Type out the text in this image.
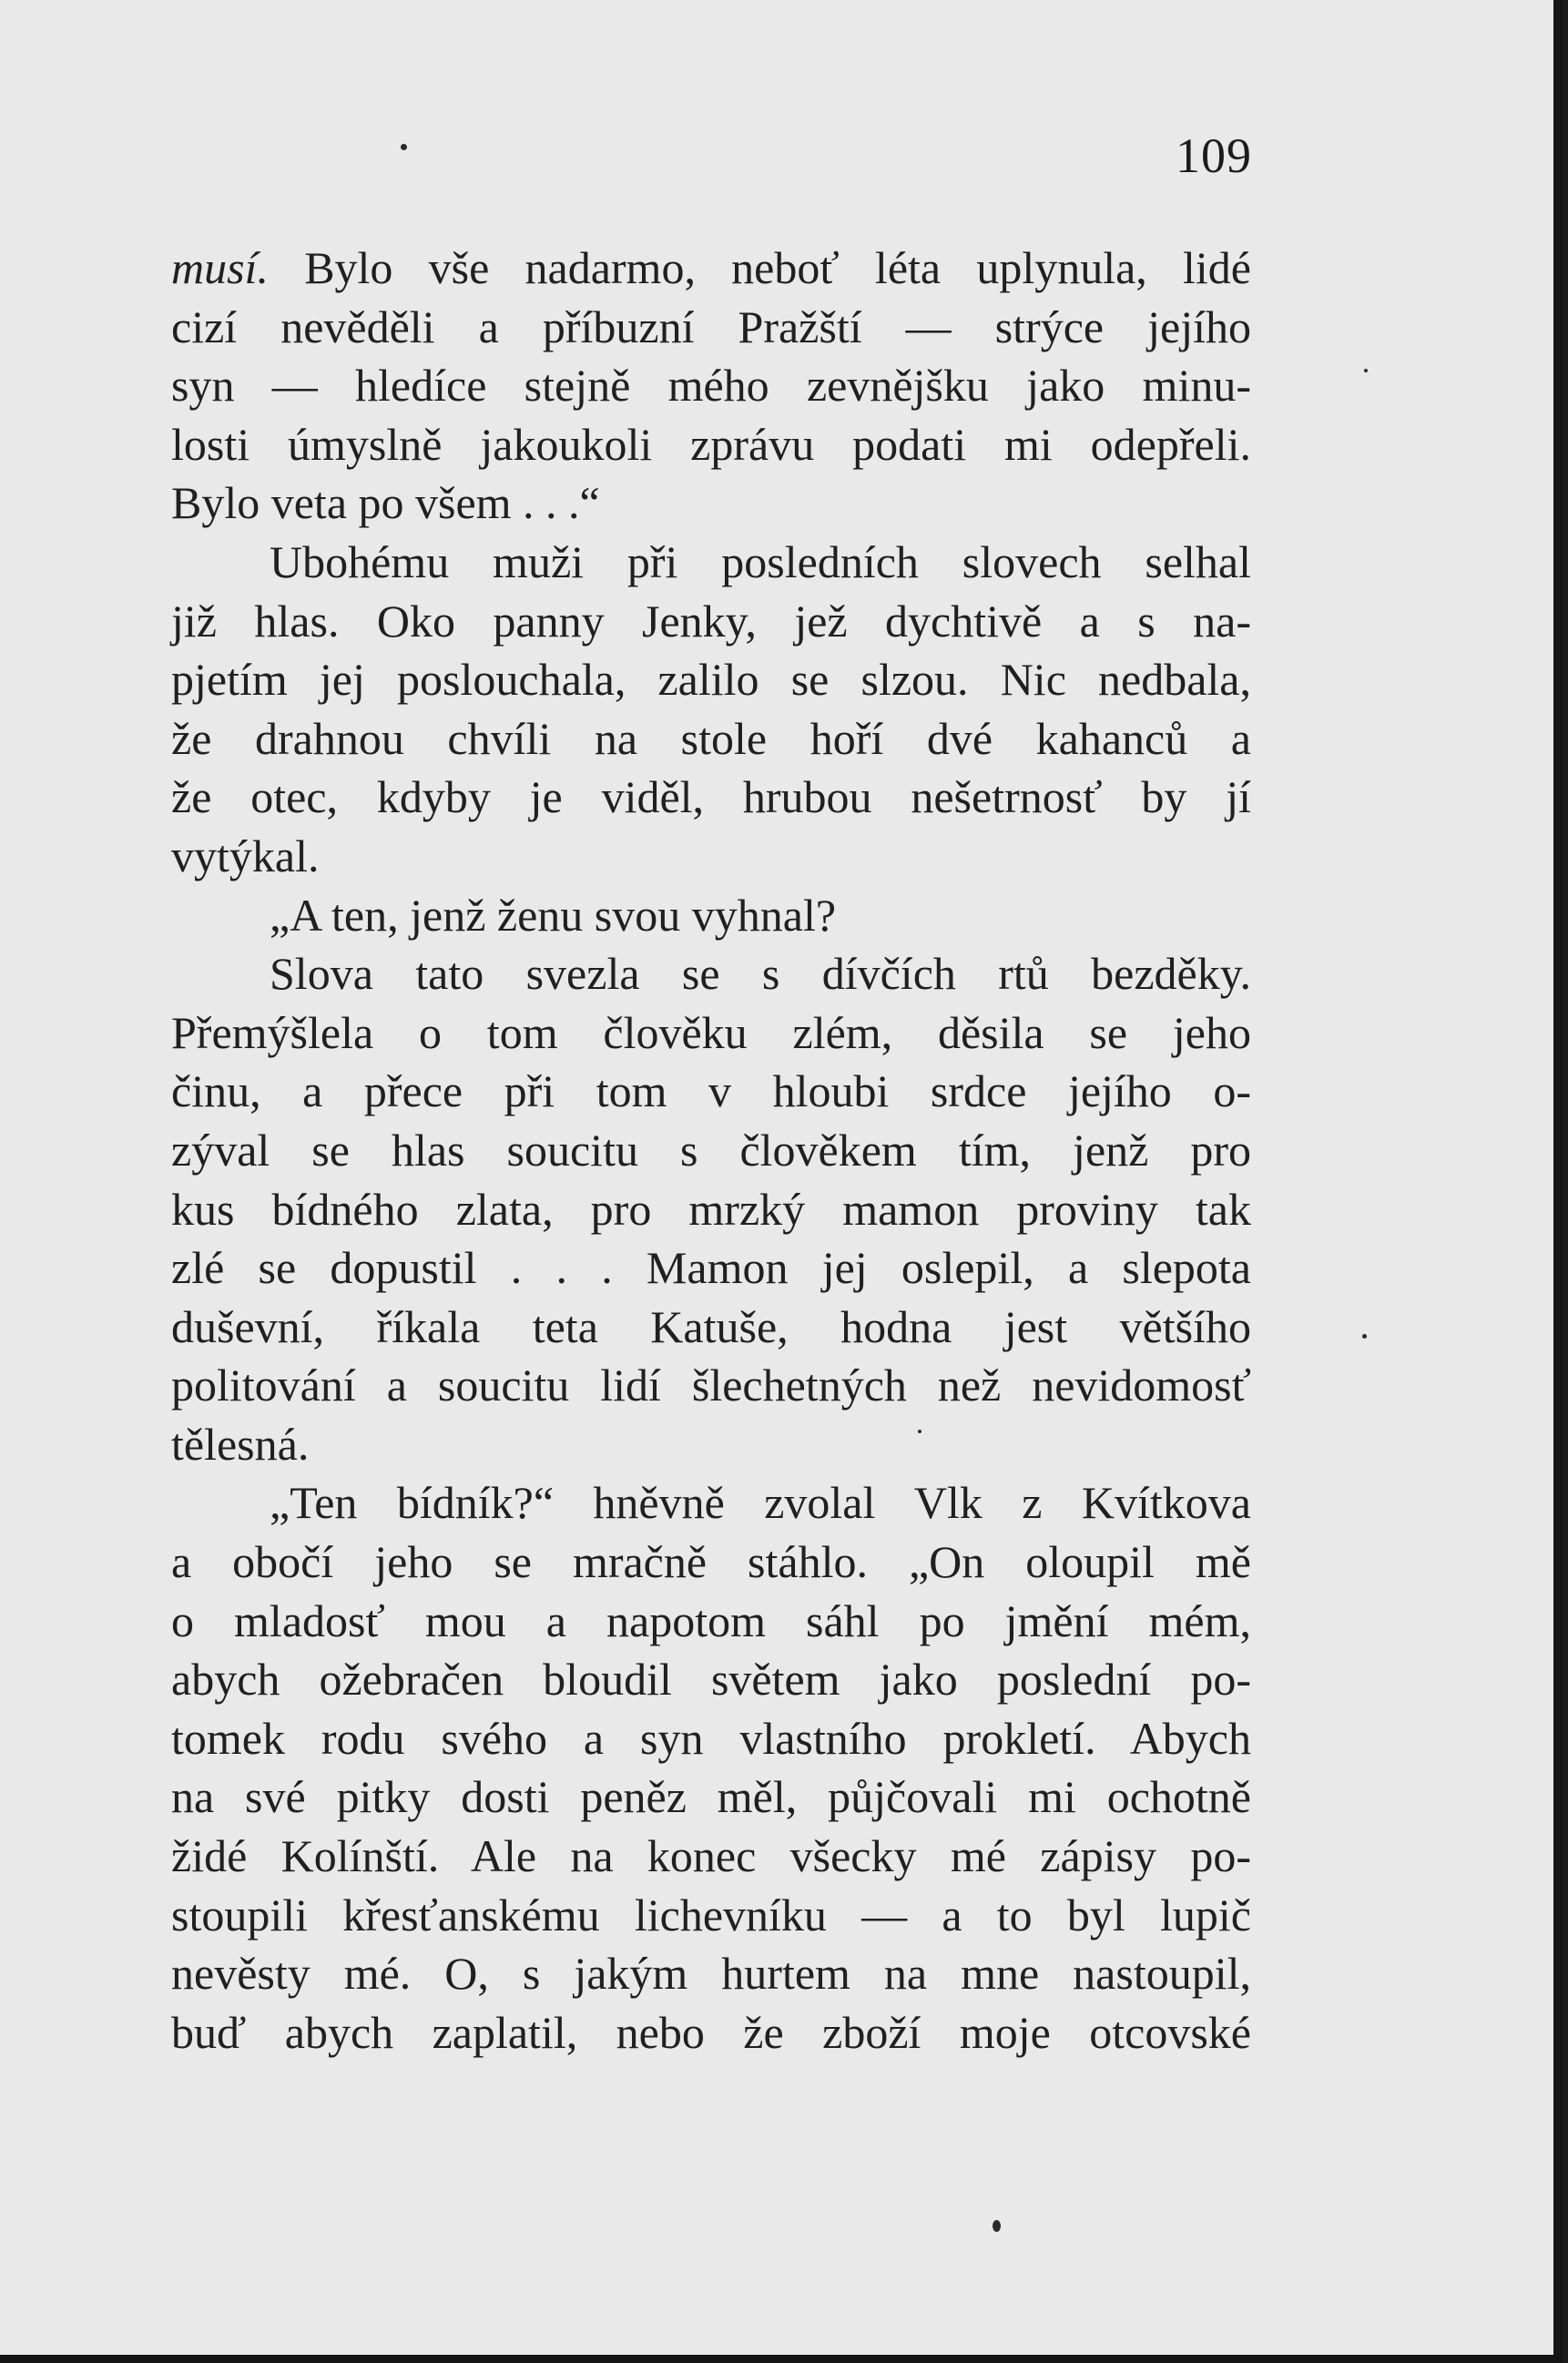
109
musí. Bylo vše nadarmo, neboť léta uplynula, lidé
cizí nevěděli a příbuzní Pražští — strýce jejího
syn — hledíce stejně mého zevnějšku jako minu-
losti úmyslně jakoukoli zprávu podati mi odepřeli.
Bylo veta po všem . . .“
Ubohému muži při posledních slovech selhal
již hlas. Oko panny Jenky, jež dychtivě a s na-
pjetím jej poslouchala, zalilo se slzou. Nic nedbala,
že drahnou chvíli na stole hoří dvé kahanců a
že otec, kdyby je viděl, hrubou nešetrnosť by jí
vytýkal.
„A ten, jenž ženu svou vyhnal?
Slova tato svezla se s dívčích rtů bezděky.
Přemýšlela o tom člověku zlém, děsila se jeho
činu, a přece při tom v hloubi srdce jejího o-
zýval se hlas soucitu s člověkem tím, jenž pro
kus bídného zlata, pro mrzký mamon proviny tak
zlé se dopustil . . . Mamon jej oslepil, a slepota
duševní, říkala teta Katuše, hodna jest většího
politování a soucitu lidí šlechetných než nevidomosť
tělesná.
„Ten bídník?“ hněvně zvolal Vlk z Kvítkova
a obočí jeho se mračně stáhlo. „On oloupil mě
o mladosť mou a napotom sáhl po jmění mém,
abych ožebračen bloudil světem jako poslední po-
tomek rodu svého a syn vlastního prokletí. Abych
na své pitky dosti peněz měl, půjčovali mi ochotně
židé Kolínští. Ale na konec všecky mé zápisy po-
stoupili křesťanskému lichevníku — a to byl lupič
nevěsty mé. O, s jakým hurtem na mne nastoupil,
buď abych zaplatil, nebo že zboží moje otcovské
